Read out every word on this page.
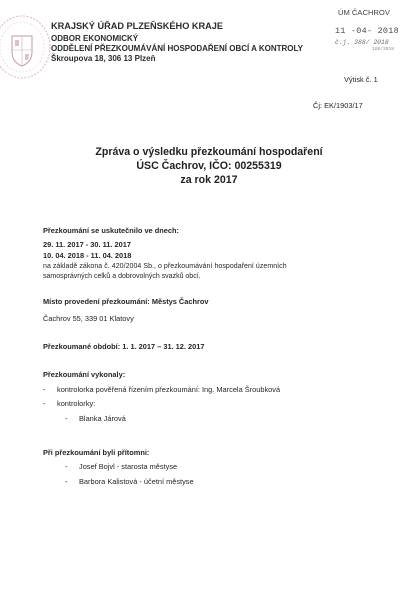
KRAJSKÝ ÚŘAD PLZEŇSKÉHO KRAJE
ODBOR EKONOMICKÝ
ODDĚLENÍ PŘEZKOUMÁVÁNÍ HOSPODAŘENÍ OBCÍ A KONTROLY
Škroupova 18, 306 13 Plzeň
ÚM ČACHROV
11 -04- 2018
č.j. 388/ 2018
1Ú8/2018
Výtisk č. 1
Čj: EK/1903/17
Zpráva o výsledku přezkoumání hospodaření
ÚSC Čachrov, IČO: 00255319
za rok 2017
Přezkoumání se uskutečnilo ve dnech:
29. 11. 2017 - 30. 11. 2017
10. 04. 2018 - 11. 04. 2018
na základě zákona č. 420/2004 Sb., o přezkoumávání hospodaření územních
samosprávných celků a dobrovolných svazků obcí.
Místo provedení přezkoumání: Městys Čachrov
Čachrov 55, 339 01 Klatovy
Přezkoumané období: 1. 1. 2017 – 31. 12. 2017
Přezkoumání vykonaly:
- kontrolorka pověřená řízením přezkoumání: Ing. Marcela Šroubková
- kontrolorky:
- Blanka Járová
Při přezkoumání byli přítomni:
- Josef Bojvl - starosta městyse
- Barbora Kalistová - účetní městyse
